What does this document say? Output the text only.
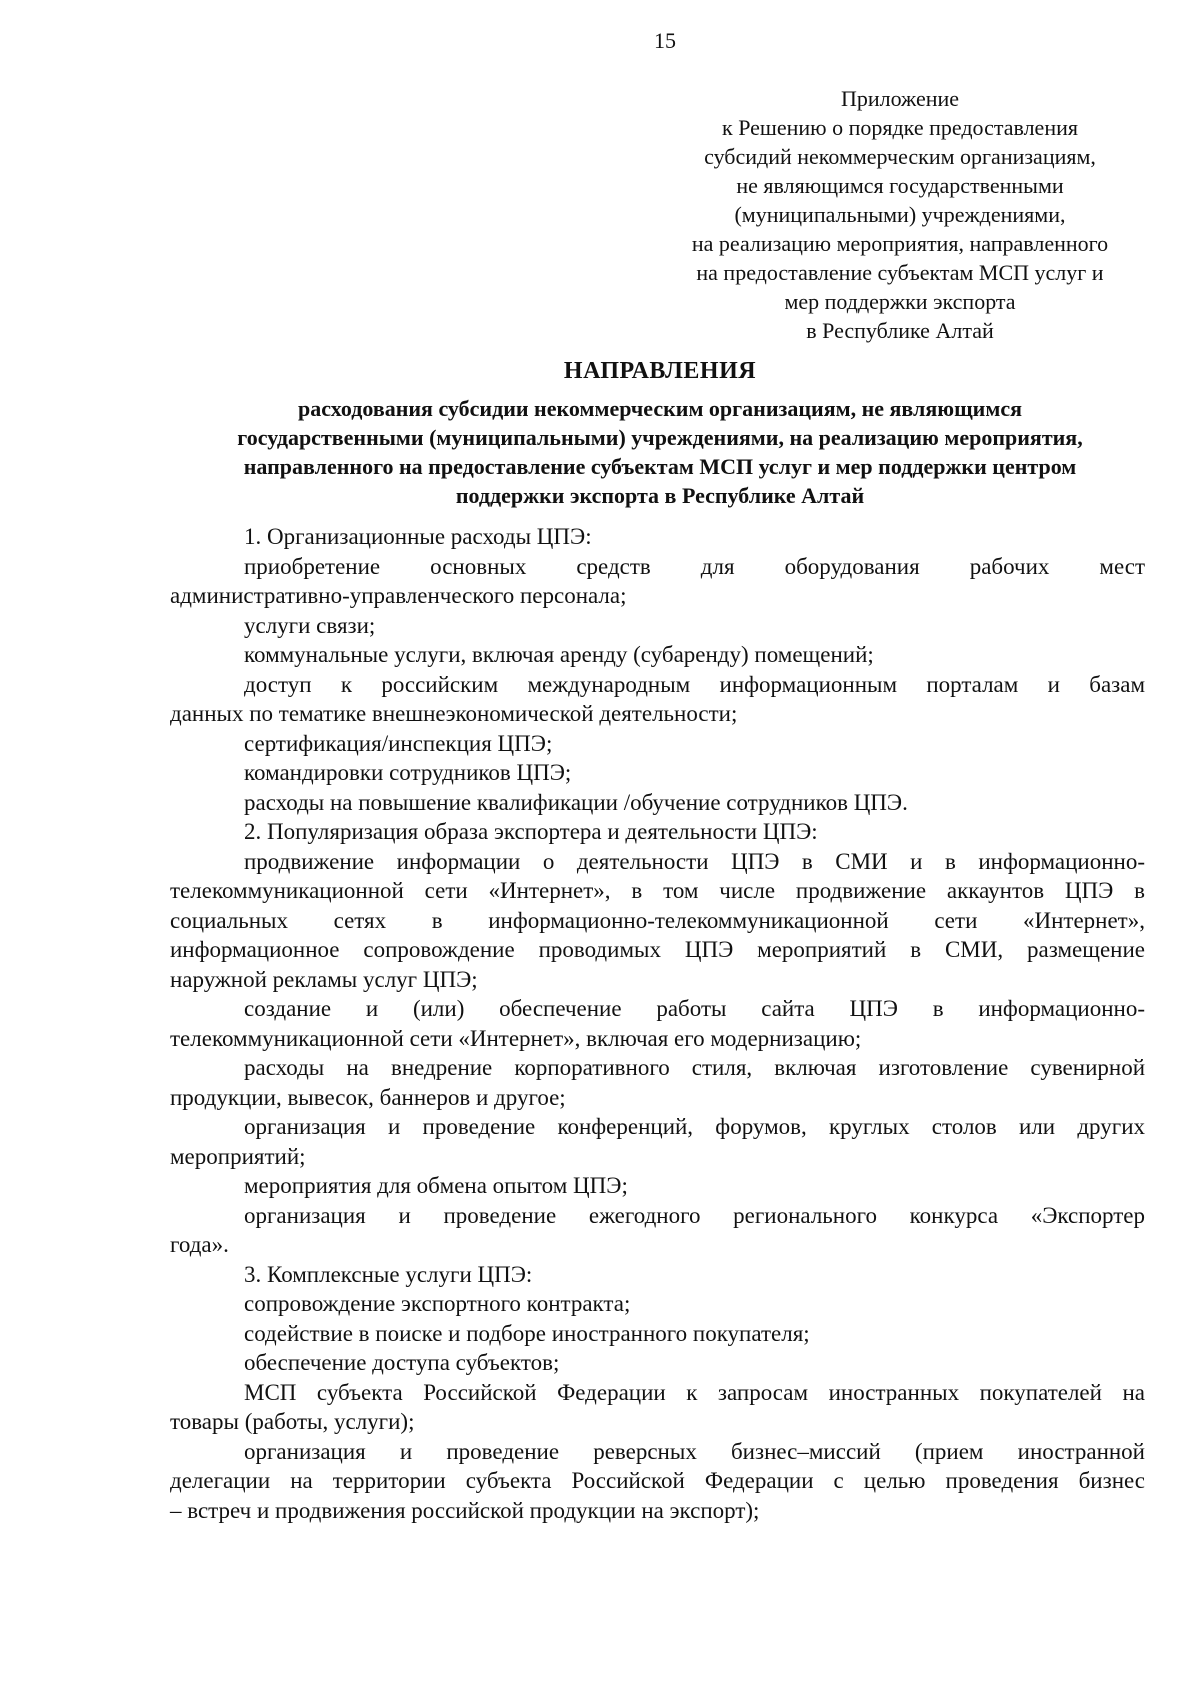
15
Приложение
к Решению о порядке предоставления
субсидий некоммерческим организациям,
не являющимся государственными
(муниципальными) учреждениями,
на реализацию мероприятия, направленного
на предоставление субъектам МСП услуг и
мер поддержки экспорта
в Республике Алтай
НАПРАВЛЕНИЯ
расходования субсидии некоммерческим организациям, не являющимся
государственными (муниципальными) учреждениями, на реализацию мероприятия,
направленного на предоставление субъектам МСП услуг и мер поддержки центром
поддержки экспорта в Республике Алтай
1. Организационные расходы ЦПЭ:
приобретение основных средств для оборудования рабочих мест
административно-управленческого персонала;
услуги связи;
коммунальные услуги, включая аренду (субаренду) помещений;
доступ к российским международным информационным порталам и базам
данных по тематике внешнеэкономической деятельности;
сертификация/инспекция ЦПЭ;
командировки сотрудников ЦПЭ;
расходы на повышение квалификации /обучение сотрудников ЦПЭ.
2. Популяризация образа экспортера и деятельности ЦПЭ:
продвижение информации о деятельности ЦПЭ в СМИ и в информационно-
телекоммуникационной сети «Интернет», в том числе продвижение аккаунтов ЦПЭ в
социальных сетях в информационно-телекоммуникационной сети «Интернет»,
информационное сопровождение проводимых ЦПЭ мероприятий в СМИ, размещение
наружной рекламы услуг ЦПЭ;
создание и (или) обеспечение работы сайта ЦПЭ в информационно-
телекоммуникационной сети «Интернет», включая его модернизацию;
расходы на внедрение корпоративного стиля, включая изготовление сувенирной
продукции, вывесок, баннеров и другое;
организация и проведение конференций, форумов, круглых столов или других
мероприятий;
мероприятия для обмена опытом ЦПЭ;
организация и проведение ежегодного регионального конкурса «Экспортер
года».
3. Комплексные услуги ЦПЭ:
сопровождение экспортного контракта;
содействие в поиске и подборе иностранного покупателя;
обеспечение доступа субъектов;
МСП субъекта Российской Федерации к запросам иностранных покупателей на
товары (работы, услуги);
организация и проведение реверсных бизнес–миссий (прием иностранной
делегации на территории субъекта Российской Федерации с целью проведения бизнес
– встреч и продвижения российской продукции на экспорт);
